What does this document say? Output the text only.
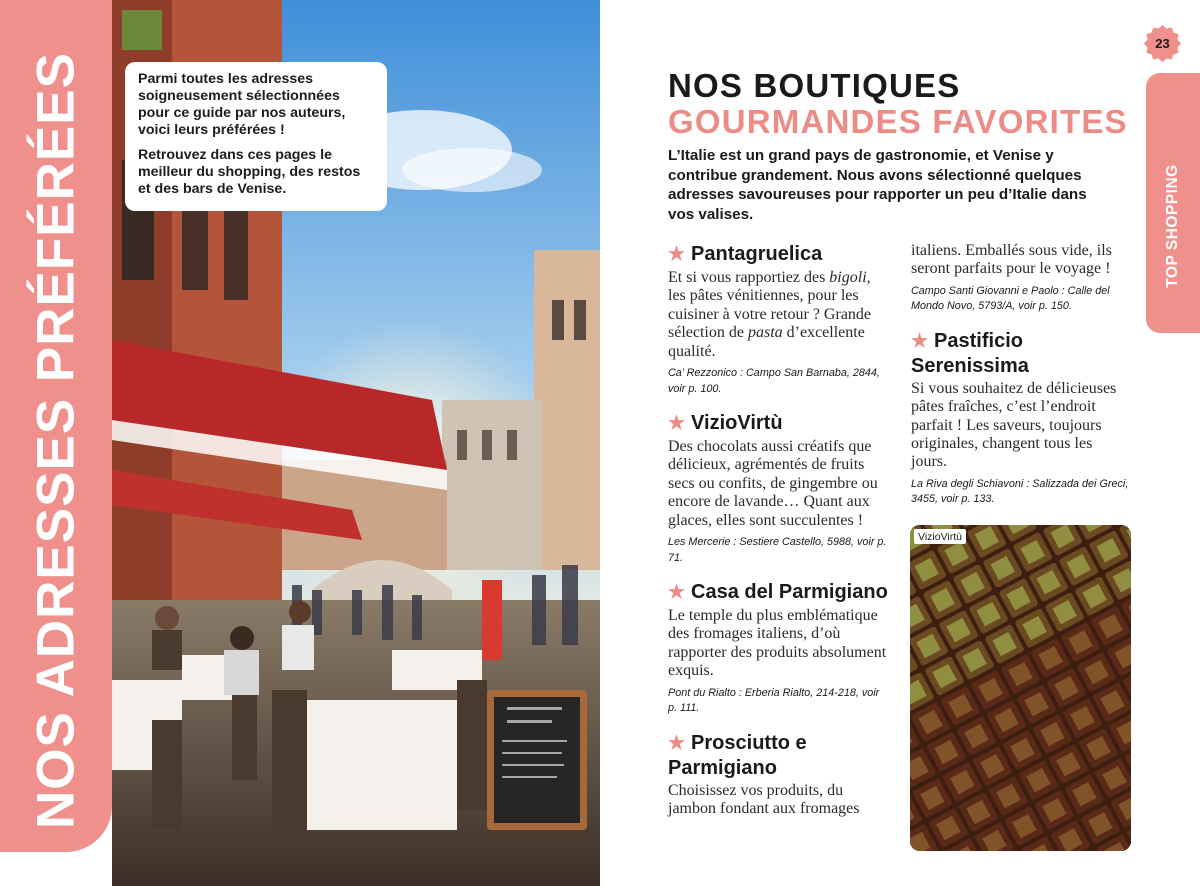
NOS ADRESSES PRÉFÉRÉES	Parmi toutes les adresses soigneusement sélectionnées pour ce guide par nos auteurs, voici leurs préférées !

Retrouvez dans ces pages le meilleur du shopping, des restos et des bars de Venise.

23
TOP SHOPPING
NOS BOUTIQUES
GOURMANDES FAVORITES

L’Italie est un grand pays de gastronomie, et Venise y contribue grandement. Nous avons sélectionné quelques adresses savoureuses pour rapporter un peu d’Italie dans vos valises.

★ Pantagruelica

Et si vous rapportiez des bigoli, les pâtes vénitiennes, pour les cuisiner à votre retour ? Grande sélection de pasta d’excellente qualité.

Ca’ Rezzonico : Campo San Barnaba, 2844, voir p. 100.

★ VizioVirtù

Des chocolats aussi créatifs que délicieux, agrémentés de fruits secs ou confits, de gingembre ou encore de lavande… Quant aux glaces, elles sont succulentes !

Les Mercerie : Sestiere Castello, 5988, voir p. 71.

★ Casa del Parmigiano

Le temple du plus emblématique des fromages italiens, d’où rapporter des produits absolument exquis.

Pont du Rialto : Erberia Rialto, 214-218, voir p. 111.

★ Prosciutto e Parmigiano

Choisissez vos produits, du jambon fondant aux fromages

italiens. Emballés sous vide, ils seront parfaits pour le voyage !

Campo Santi Giovanni e Paolo : Calle del Mondo Novo, 5793/A, voir p. 150.

★ Pastificio Serenissima

Si vous souhaitez de délicieuses pâtes fraîches, c’est l’endroit parfait ! Les saveurs, toujours originales, changent tous les jours.

La Riva degli Schiavoni : Salizzada dei Greci, 3455, voir p. 133.

VizioVirtù
